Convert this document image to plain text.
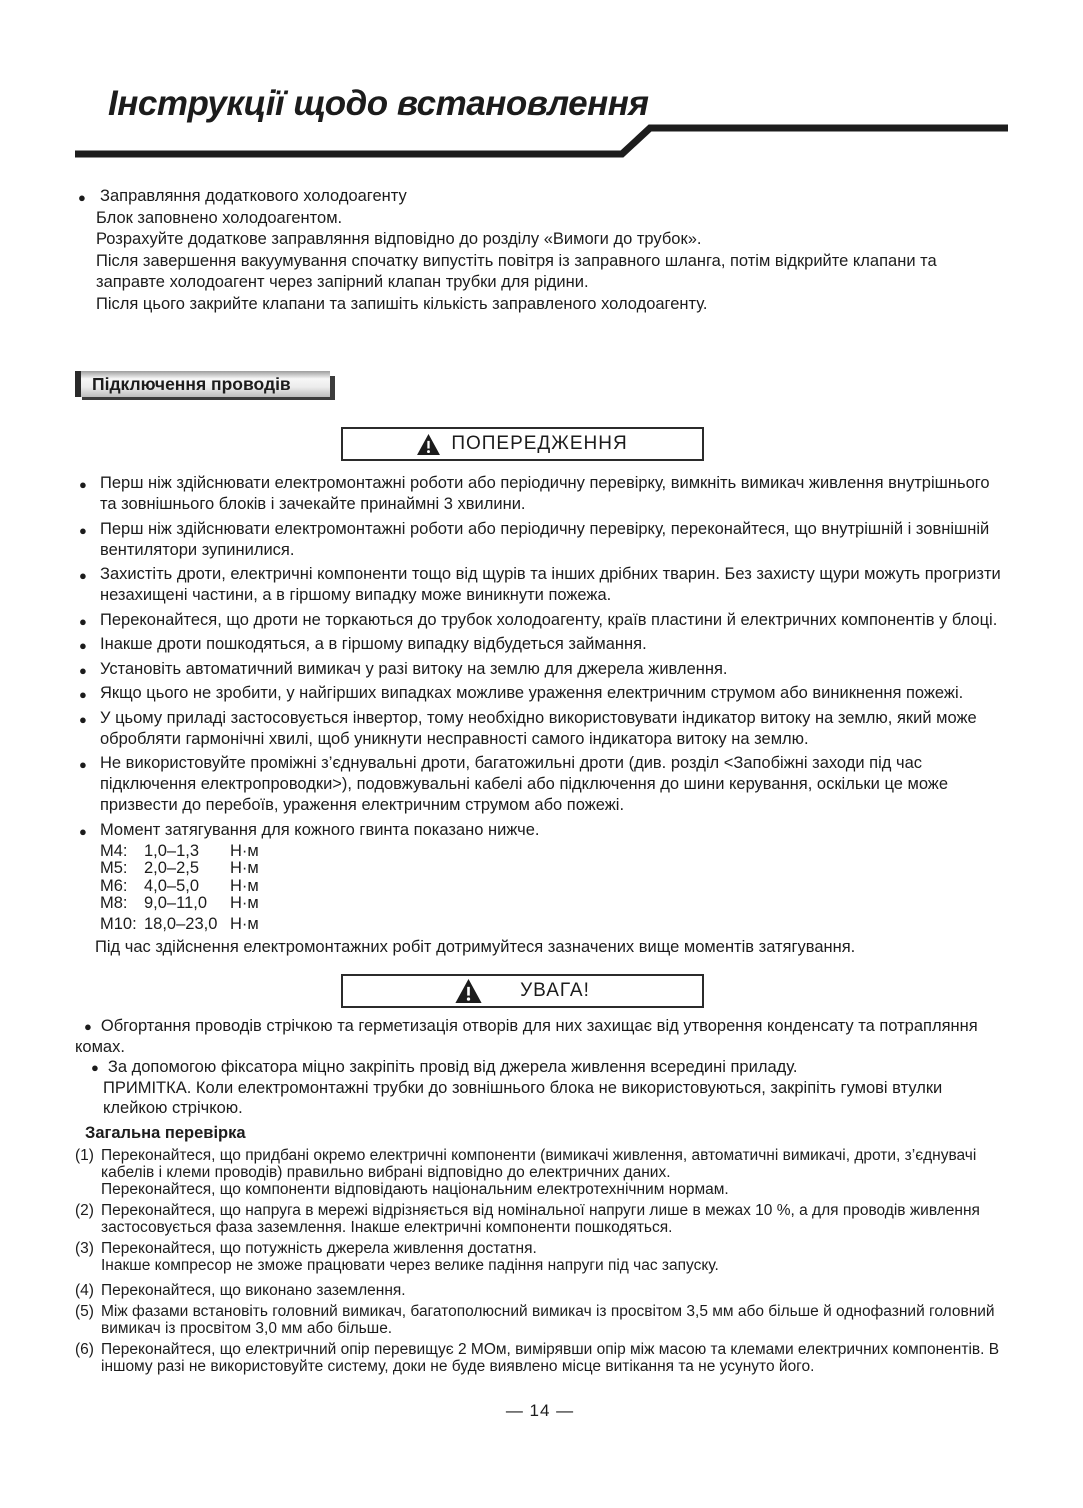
Інструкції щодо встановлення
● Заправляння додаткового холодоагенту

Блок заповнено холодоагентом.

Розрахуйте додаткове заправляння відповідно до розділу «Вимоги до трубок».

Після завершення вакуумування спочатку випустіть повітря із заправного шланга, потім відкрийте клапани та заправте холодоагент через запірний клапан трубки для рідини.

Після цього закрийте клапани та запишіть кількість заправленого холодоагенту.

Підключення проводів
ПОПЕРЕДЖЕННЯ
● Перш ніж здійснювати електромонтажні роботи або періодичну перевірку, вимкніть вимикач живлення внутрішнього та зовнішнього блоків і зачекайте принаймні 3 хвилини.
● Перш ніж здійснювати електромонтажні роботи або періодичну перевірку, переконайтеся, що внутрішній і зовнішній вентилятори зупинилися.
● Захистіть дроти, електричні компоненти тощо від щурів та інших дрібних тварин. Без захисту щури можуть прогризти незахищені частини, а в гіршому випадку може виникнути пожежа.
● Переконайтеся, що дроти не торкаються до трубок холодоагенту, країв пластини й електричних компонентів у блоці.
● Інакше дроти пошкодяться, а в гіршому випадку відбудеться займання.
● Установіть автоматичний вимикач у разі витоку на землю для джерела живлення.
● Якщо цього не зробити, у найгірших випадках можливе ураження електричним струмом або виникнення пожежі.
● У цьому приладі застосовується інвертор, тому необхідно використовувати індикатор витоку на землю, який може обробляти гармонічні хвилі, щоб уникнути несправності самого індикатора витоку на землю.
● Не використовуйте проміжні з’єднувальні дроти, багатожильні дроти (див. розділ <Запобіжні заходи під час підключення електропроводки>), подовжувальні кабелі або підключення до шини керування, оскільки це може призвести до перебоїв, ураження електричним струмом або пожежі.
● Момент затягування для кожного гвинта показано нижче.
М4: 1,0–1,3	Н·м
М5: 2,0–2,5	Н·м
М6: 4,0–5,0	Н·м
М8: 9,0–11,0	Н·м
М10: 18,0–23,0 Н·м

Під час здійснення електромонтажних робіт дотримуйтеся зазначених вище моментів затягування.

УВАГА!

● Обгортання проводів стрічкою та герметизація отворів для них захищає від утворення конденсату та потрапляння комах.

● За допомогою фіксатора міцно закріпіть провід від джерела живлення всередині приладу.

ПРИМІТКА. Коли електромонтажні трубки до зовнішнього блока не використовуються, закріпіть гумові втулки клейкою стрічкою.

Загальна перевірка
(1) Переконайтеся, що придбані окремо електричні компоненти (вимикачі живлення, автоматичні вимикачі, дроти, з’єднувачі кабелів і клеми проводів) правильно вибрані відповідно до електричних даних.

Переконайтеся, що компоненти відповідають національним електротехнічним нормам.

(2) Переконайтеся, що напруга в мережі відрізняється від номінальної напруги лише в межах 10 %, а для проводів живлення застосовується фаза заземлення. Інакше електричні компоненти пошкодяться.
(3) Переконайтеся, що потужність джерела живлення достатня.

Інакше компресор не зможе працювати через велике падіння напруги під час запуску.

(4) Переконайтеся, що виконано заземлення.
(5) Між фазами встановіть головний вимикач, багатополюсний вимикач із просвітом 3,5 мм або більше й однофазний головний вимикач із просвітом 3,0 мм або більше.
(6) Переконайтеся, що електричний опір перевищує 2 МОм, вимірявши опір між масою та клемами електричних компонентів. В іншому разі не використовуйте систему, доки не буде виявлено місце витікання та не усунуто його.
— 14 —
